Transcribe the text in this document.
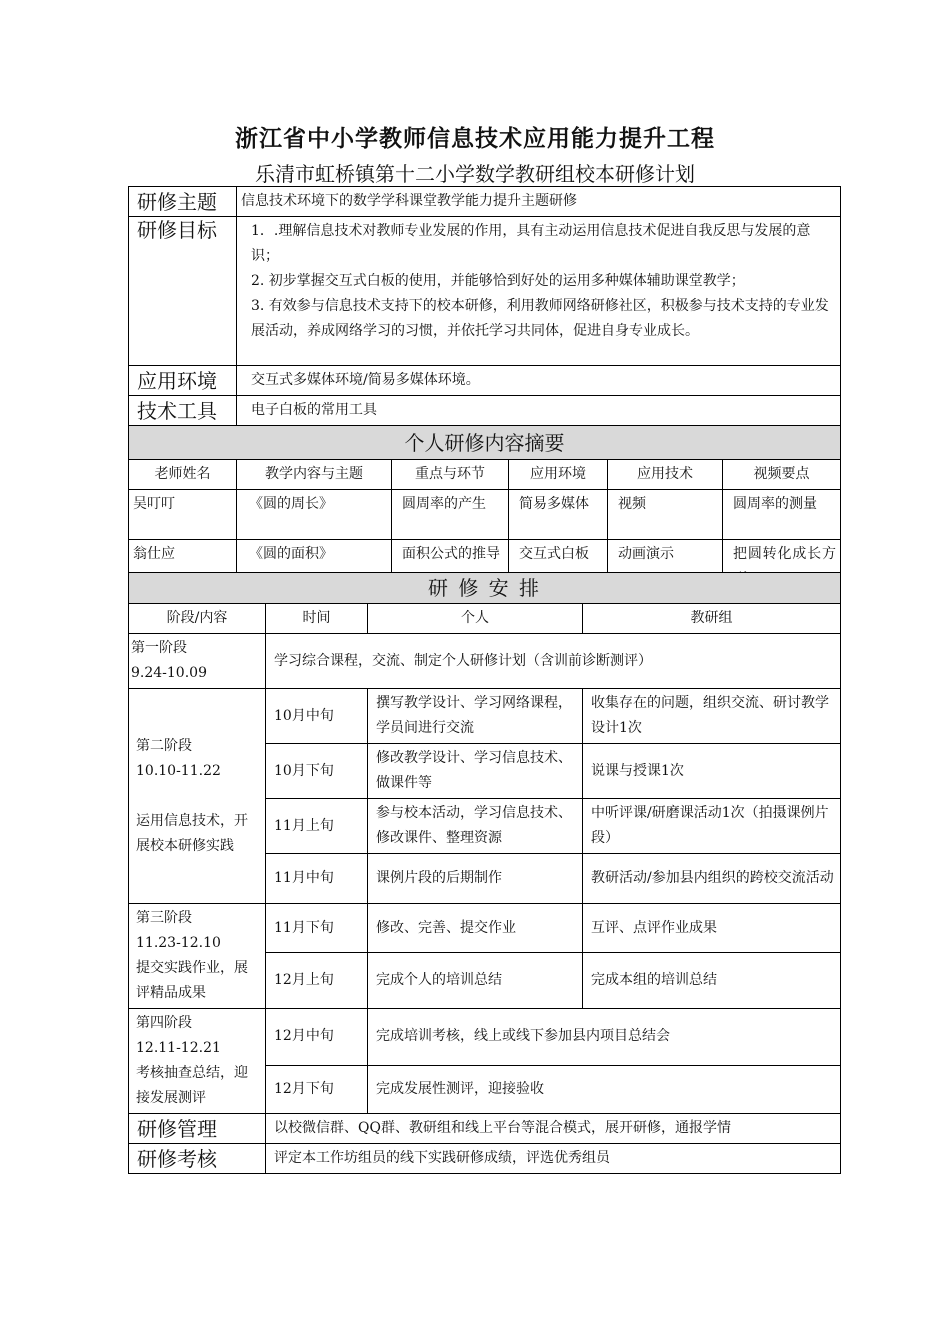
浙江省中小学教师信息技术应用能力提升工程
乐清市虹桥镇第十二小学数学教研组校本研修计划
研修主题	信息技术环境下的数学学科课堂教学能力提升主题研修				
研修目标	1．.理解信息技术对教师专业发展的作用，具有主动运用信息技术促进自我反思与发展的意识；
2. 初步掌握交互式白板的使用，并能够恰到好处的运用多种媒体辅助课堂教学；
3. 有效参与信息技术支持下的校本研修，利用教师网络研修社区，积极参与技术支持的专业发展活动，养成网络学习的习惯，并依托学习共同体，促进自身专业成长。				

应用环境	交互式多媒体环境/简易多媒体环境。				
技术工具	电子白板的常用工具				
个人研修内容摘要					
老师姓名	教学内容与主题	重点与环节	应用环境	应用技术	视频要点
吴叮叮	《圆的周长》	圆周率的产生	简易多媒体	视频	圆周率的测量
翁仕应	《圆的面积》	面积公式的推导	交互式白板	动画演示	把圆转化成长方
研 修 安 排			
阶段/内容	时间	个人	教研组

第一阶段
9.24-10.09	学习综合课程，交流、制定个人研修计划（含训前诊断测评）		

第二阶段
10.10-11.22
运用信息技术，开展校本研修实践	10月中旬	撰写教学设计、学习网络课程，学员间进行交流	收集存在的问题，组织交流、研讨教学设计1次
	10月下旬	修改教学设计、学习信息技术、做课件等	说课与授课1次
	11月上旬	参与校本活动，学习信息技术、修改课件、整理资源	中听评课/研磨课活动1次（拍摄课例片段）
	11月中旬	课例片段的后期制作	教研活动/参加县内组织的跨校交流活动

第三阶段
11.23-12.10
提交实践作业，展评精品成果	11月下旬	修改、完善、提交作业	互评、点评作业成果
	12月上旬	完成个人的培训总结	完成本组的培训总结

第四阶段
12.11-12.21
考核抽查总结，迎接发展测评	12月中旬	完成培训考核，线上或线下参加县内项目总结会	
	12月下旬	完成发展性测评，迎接验收	
研修管理	以校微信群、QQ群、教研组和线上平台等混合模式，展开研修，通报学情		
研修考核	评定本工作坊组员的线下实践研修成绩，评选优秀组员		
